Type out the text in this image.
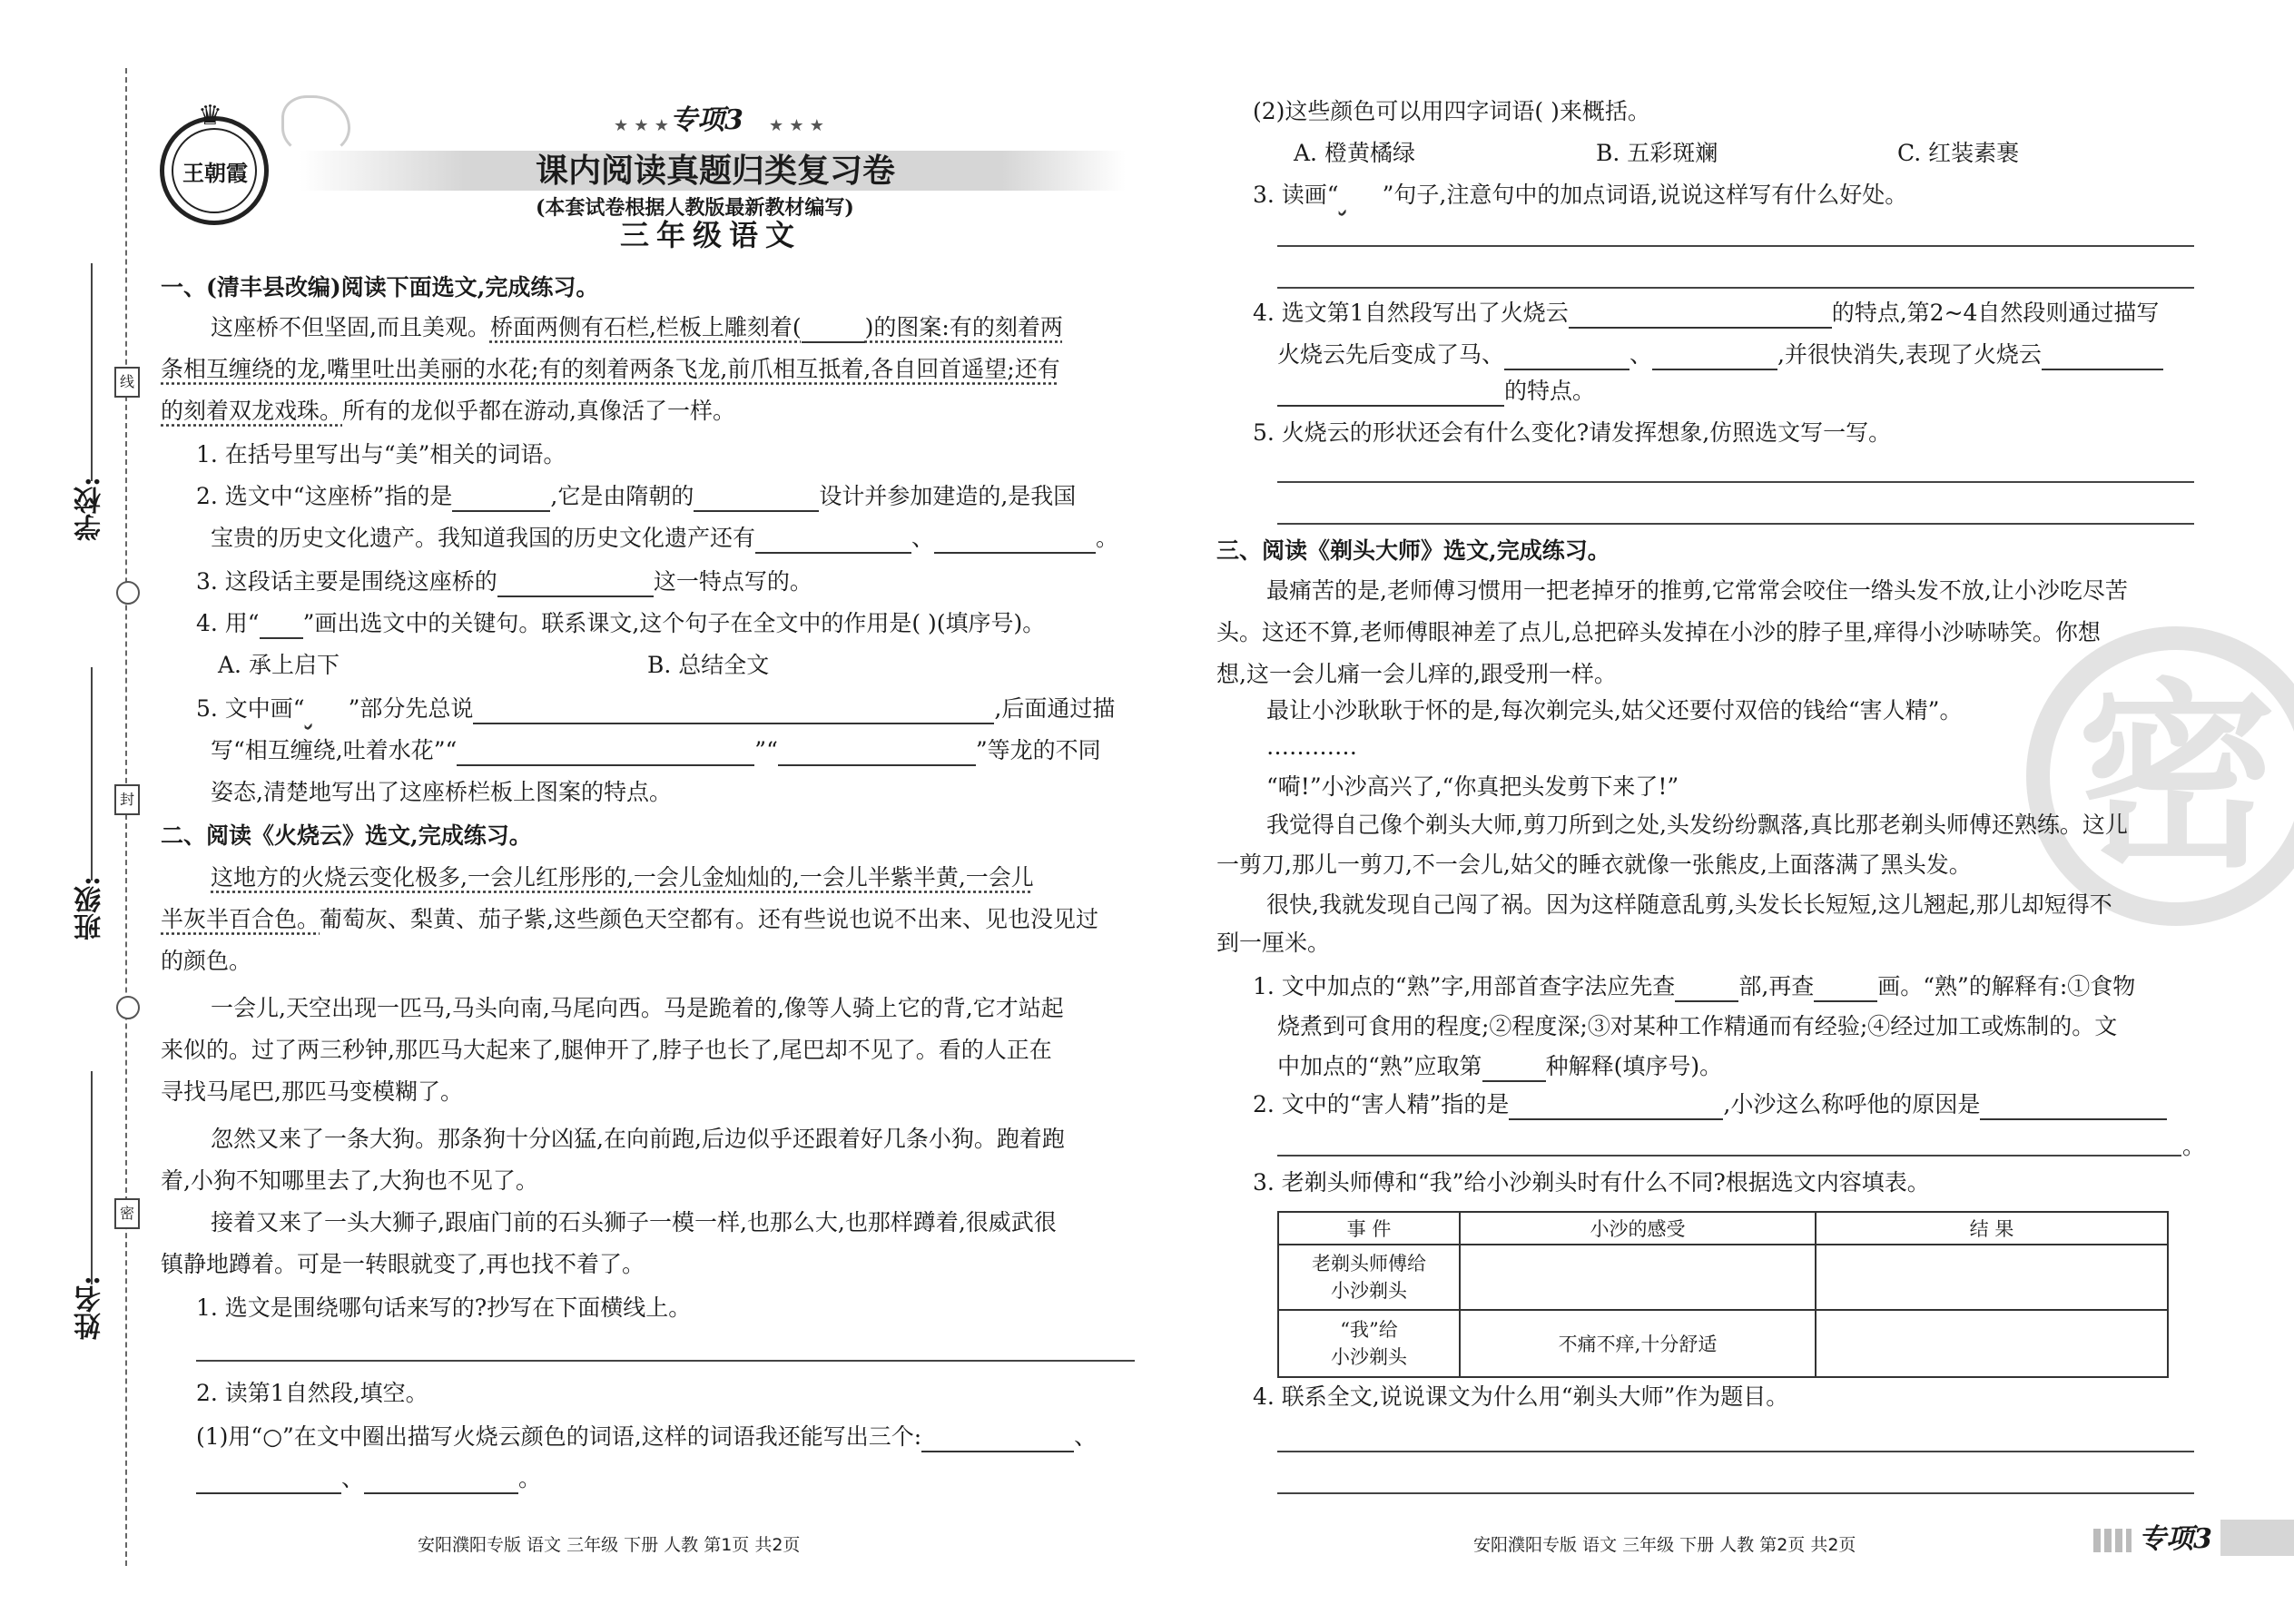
线
封
密
学校:
班级:
姓名:
王朝霞
♛	★ ★ ★ 专项3 ★ ★ ★
课内阅读真题归类复习卷
(本套试卷根据人教版最新教材编写)
三年级语文
一、(清丰县改编)阅读下面选文,完成练习。
这座桥不但坚固,而且美观。桥面两侧有石栏,栏板上雕刻着(	)的图案:有的刻着两
条相互缠绕的龙,嘴里吐出美丽的水花;有的刻着两条飞龙,前爪相互抵着,各自回首遥望;还有
的刻着双龙戏珠。所有的龙似乎都在游动,真像活了一样。
1. 在括号里写出与“美”相关的词语。
2. 选文中“这座桥”指的是	,它是由隋朝的	设计并参加建造的,是我国
宝贵的历史文化遗产。我知道我国的历史文化遗产还有	、	。
3. 这段话主要是围绕这座桥的	这一特点写的。
4. 用“ ”画出选文中的关键句。联系课文,这个句子在全文中的作用是( )(填序号)。
A. 承上启下	B. 总结全文
5. 文中画“ ”部分先总说	,后面通过描
写“相互缠绕,吐着水花”“	”“	”等龙的不同
姿态,清楚地写出了这座桥栏板上图案的特点。
二、阅读《火烧云》选文,完成练习。
这地方的火烧云变化极多,一会儿红彤彤的,一会儿金灿灿的,一会儿半紫半黄,一会儿
半灰半百合色。葡萄灰、梨黄、茄子紫,这些颜色天空都有。还有些说也说不出来、见也没见过
的颜色。
一会儿,天空出现一匹马,马头向南,马尾向西。马是跪着的,像等人骑上它的背,它才站起
来似的。过了两三秒钟,那匹马大起来了,腿伸开了,脖子也长了,尾巴却不见了。看的人正在
寻找马尾巴,那匹马变模糊了。
忽然又来了一条大狗。那条狗十分凶猛,在向前跑,后边似乎还跟着好几条小狗。跑着跑
着,小狗不知哪里去了,大狗也不见了。
接着又来了一头大狮子,跟庙门前的石头狮子一模一样,也那么大,也那样蹲着,很威武很
镇静地蹲着。可是一转眼就变了,再也找不着了。
1. 选文是围绕哪句话来写的?抄写在下面横线上。
2. 读第1自然段,填空。
(1)用“○”在文中圈出描写火烧云颜色的词语,这样的词语我还能写出三个:	、
、	。
安阳濮阳专版 语文 三年级 下册 人教 第1页 共2页
密
(2)这些颜色可以用四字词语( )来概括。
A. 橙黄橘绿	B. 五彩斑斓	C. 红装素裹
3. 读画“ ”句子,注意句中的加点词语,说说这样写有什么好处。
4. 选文第1自然段写出了火烧云	的特点,第2~4自然段则通过描写
火烧云先后变成了马、	、	,并很快消失,表现了火烧云
的特点。
5. 火烧云的形状还会有什么变化?请发挥想象,仿照选文写一写。
三、阅读《剃头大师》选文,完成练习。
最痛苦的是,老师傅习惯用一把老掉牙的推剪,它常常会咬住一绺头发不放,让小沙吃尽苦
头。这还不算,老师傅眼神差了点儿,总把碎头发掉在小沙的脖子里,痒得小沙哧哧笑。你想
想,这一会儿痛一会儿痒的,跟受刑一样。
最让小沙耿耿于怀的是,每次剃完头,姑父还要付双倍的钱给“害人精”。
…………
“嗬!”小沙高兴了,“你真把头发剪下来了!”
我觉得自己像个剃头大师,剪刀所到之处,头发纷纷飘落,真比那老剃头师傅还熟练。这儿
一剪刀,那儿一剪刀,不一会儿,姑父的睡衣就像一张熊皮,上面落满了黑头发。
很快,我就发现自己闯了祸。因为这样随意乱剪,头发长长短短,这儿翘起,那儿却短得不
到一厘米。
1. 文中加点的“熟”字,用部首查字法应先查	部,再查	画。“熟”的解释有:①食物
烧煮到可食用的程度;②程度深;③对某种工作精通而有经验;④经过加工或炼制的。文
中加点的“熟”应取第	种解释(填序号)。
2. 文中的“害人精”指的是	,小沙这么称呼他的原因是
。
3. 老剃头师傅和“我”给小沙剃头时有什么不同?根据选文内容填表。
事 件	小沙的感受	结 果
老剃头师傅给
小沙剃头		
“我”给
小沙剃头	不痛不痒,十分舒适	
4. 联系全文,说说课文为什么用“剃头大师”作为题目。
安阳濮阳专版 语文 三年级 下册 人教 第2页 共2页	专项3
